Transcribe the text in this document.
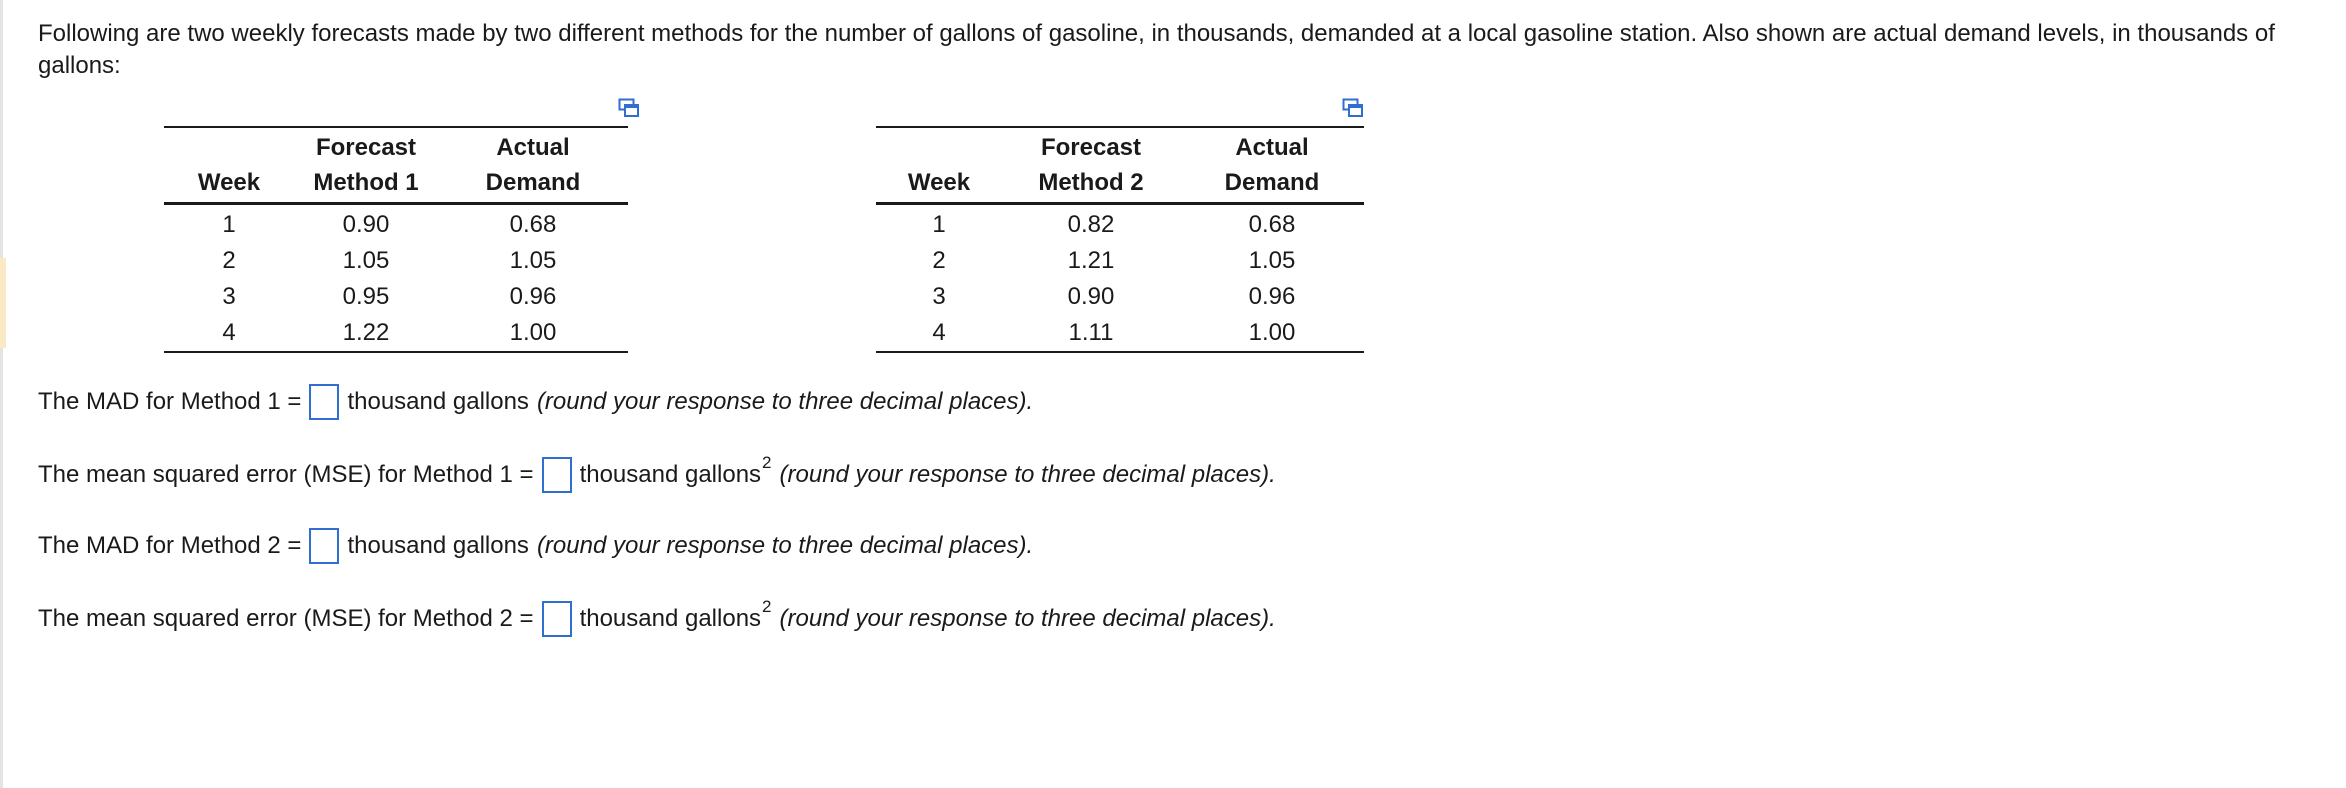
Following are two weekly forecasts made by two different methods for the number of gallons of gasoline, in thousands, demanded at a local gasoline station. Also shown are actual demand levels, in thousands of gallons:
	Forecast	Actual
Week	Method 1	Demand
1	0.90	0.68
2	1.05	1.05
3	0.95	0.96
4	1.22	1.00
	Forecast	Actual
Week	Method 2	Demand
1	0.82	0.68
2	1.21	1.05
3	0.90	0.96
4	1.11	1.00
The MAD for Method 1 = thousand gallons (round your response to three decimal places).
The mean squared error (MSE) for Method 1 = thousand gallons$^2$ (round your response to three decimal places).
The MAD for Method 2 = thousand gallons (round your response to three decimal places).
The mean squared error (MSE) for Method 2 = thousand gallons$^2$ (round your response to three decimal places).
